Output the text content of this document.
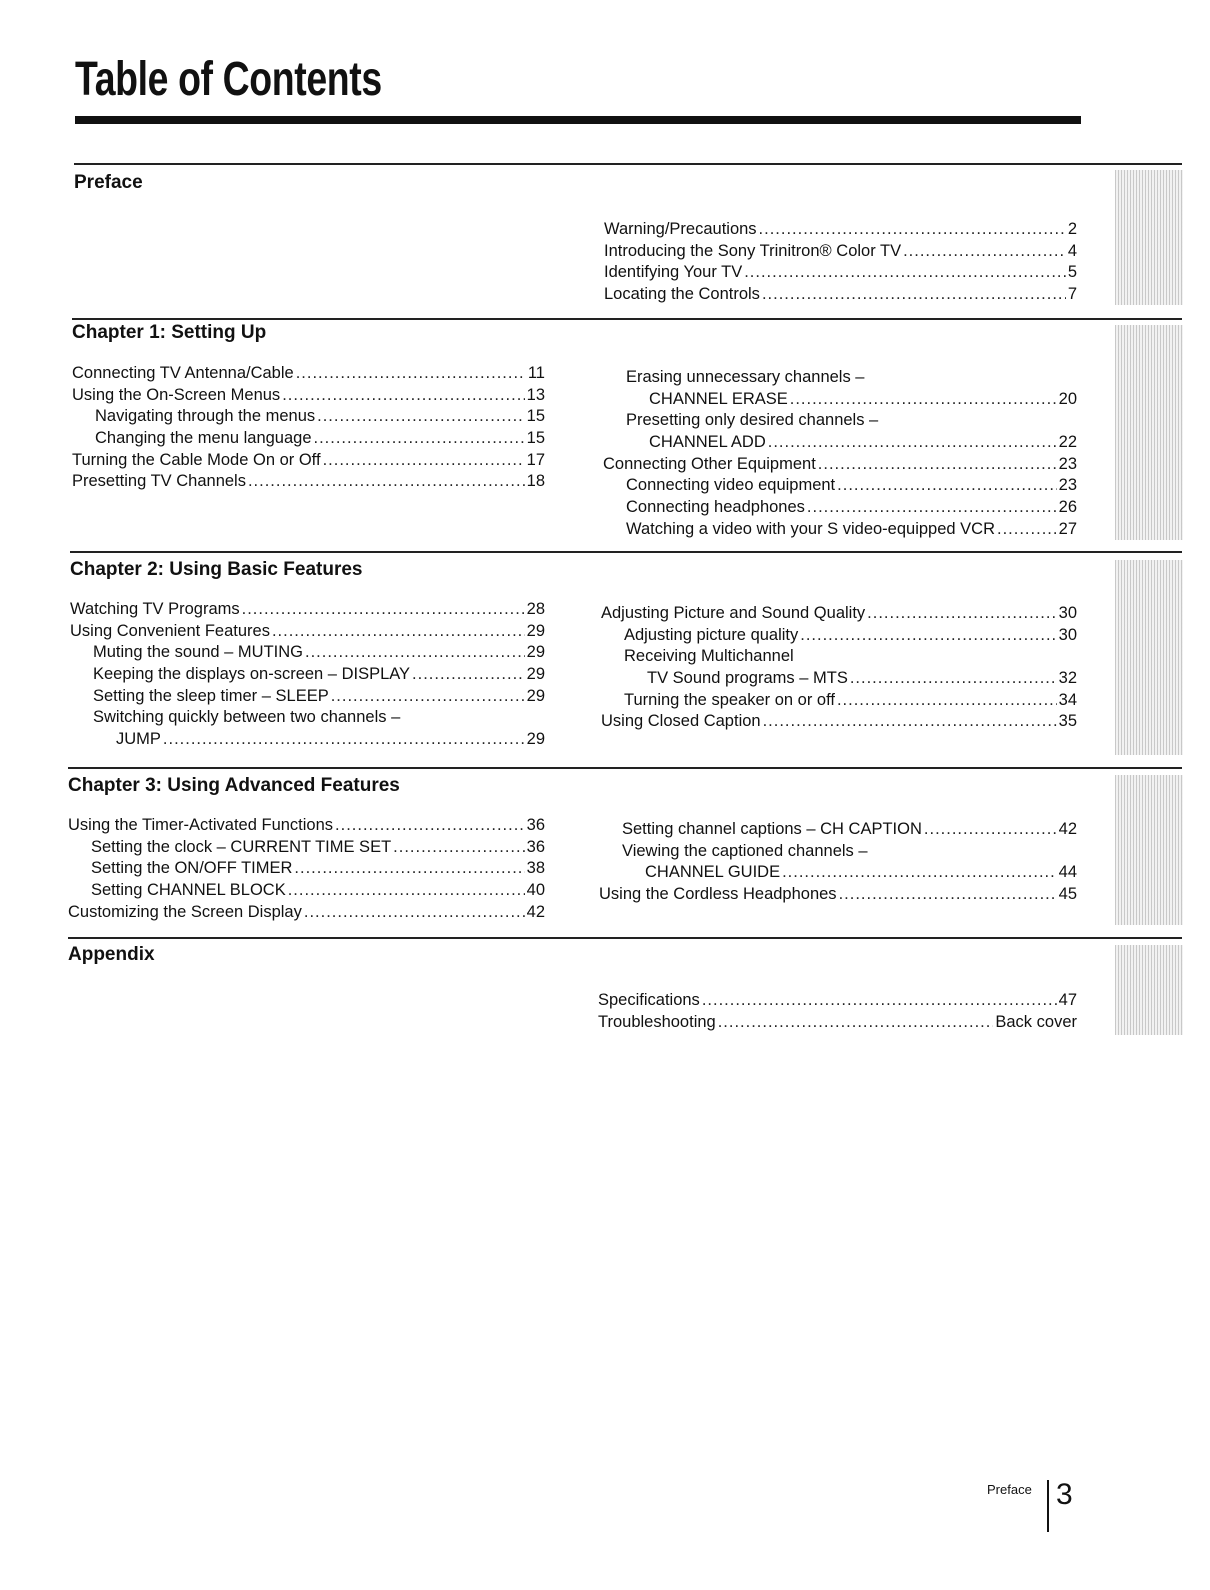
Table of Contents
Preface
Warning/Precautions .....	2
Introducing the Sony Trinitron® Color TV .....	4
Identifying Your TV .....	5
Locating the Controls .....	7
Chapter 1: Setting Up
Connecting TV Antenna/Cable .....	11
Using the On-Screen Menus .....	13
Navigating through the menus .....	15
Changing the menu language .....	15
Turning the Cable Mode On or Off .....	17
Presetting TV Channels .....	18
Erasing unnecessary channels –
CHANNEL ERASE .....	20
Presetting only desired channels –
CHANNEL ADD .....	22
Connecting Other Equipment .....	23
Connecting video equipment .....	23
Connecting headphones .....	26
Watching a video with your S video-equipped VCR .....	27
Chapter 2: Using Basic Features
Watching TV Programs .....	28
Using Convenient Features .....	29
Muting the sound – MUTING .....	29
Keeping the displays on-screen – DISPLAY .....	29
Setting the sleep timer – SLEEP .....	29
Switching quickly between two channels –
JUMP .....	29
Adjusting Picture and Sound Quality .....	30
Adjusting picture quality .....	30
Receiving Multichannel
TV Sound programs – MTS .....	32
Turning the speaker on or off .....	34
Using Closed Caption .....	35
Chapter 3: Using Advanced Features
Using the Timer-Activated Functions .....	36
Setting the clock – CURRENT TIME SET .....	36
Setting the ON/OFF TIMER .....	38
Setting CHANNEL BLOCK .....	40
Customizing the Screen Display .....	42
Setting channel captions – CH CAPTION .....	42
Viewing the captioned channels –
CHANNEL GUIDE .....	44
Using the Cordless Headphones .....	45
Appendix
Specifications .....	47
Troubleshooting .....	Back cover
Preface 3
